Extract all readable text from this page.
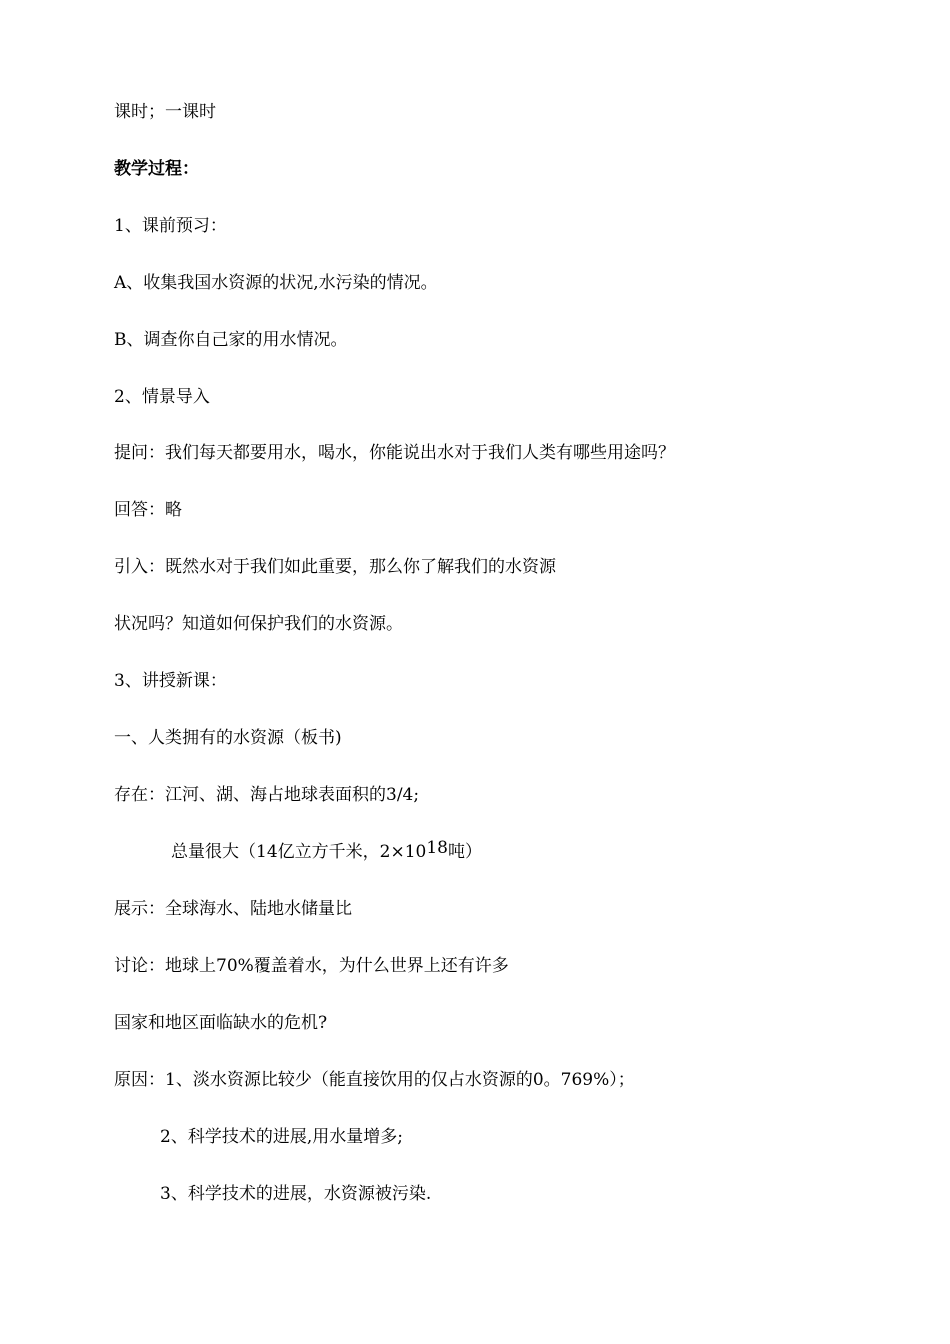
课时；一课时
教学过程：
1、课前预习：
A、收集我国水资源的状况,水污染的情况。
B、调查你自己家的用水情况。
2、情景导入
提问：我们每天都要用水，喝水，你能说出水对于我们人类有哪些用途吗？
回答：略
引入：既然水对于我们如此重要，那么你了解我们的水资源
状况吗？知道如何保护我们的水资源。
3、讲授新课：
一、人类拥有的水资源（板书)
存在：江河、湖、海占地球表面积的3/4;
总量很大（14亿立方千米，$2\times 10^{18}$吨）
展示：全球海水、陆地水储量比
讨论：地球上70%覆盖着水，为什么世界上还有许多
国家和地区面临缺水的危机?
原因：1、淡水资源比较少（能直接饮用的仅占水资源的0。769%）；
2、科学技术的进展,用水量增多;
3、科学技术的进展，水资源被污染.
